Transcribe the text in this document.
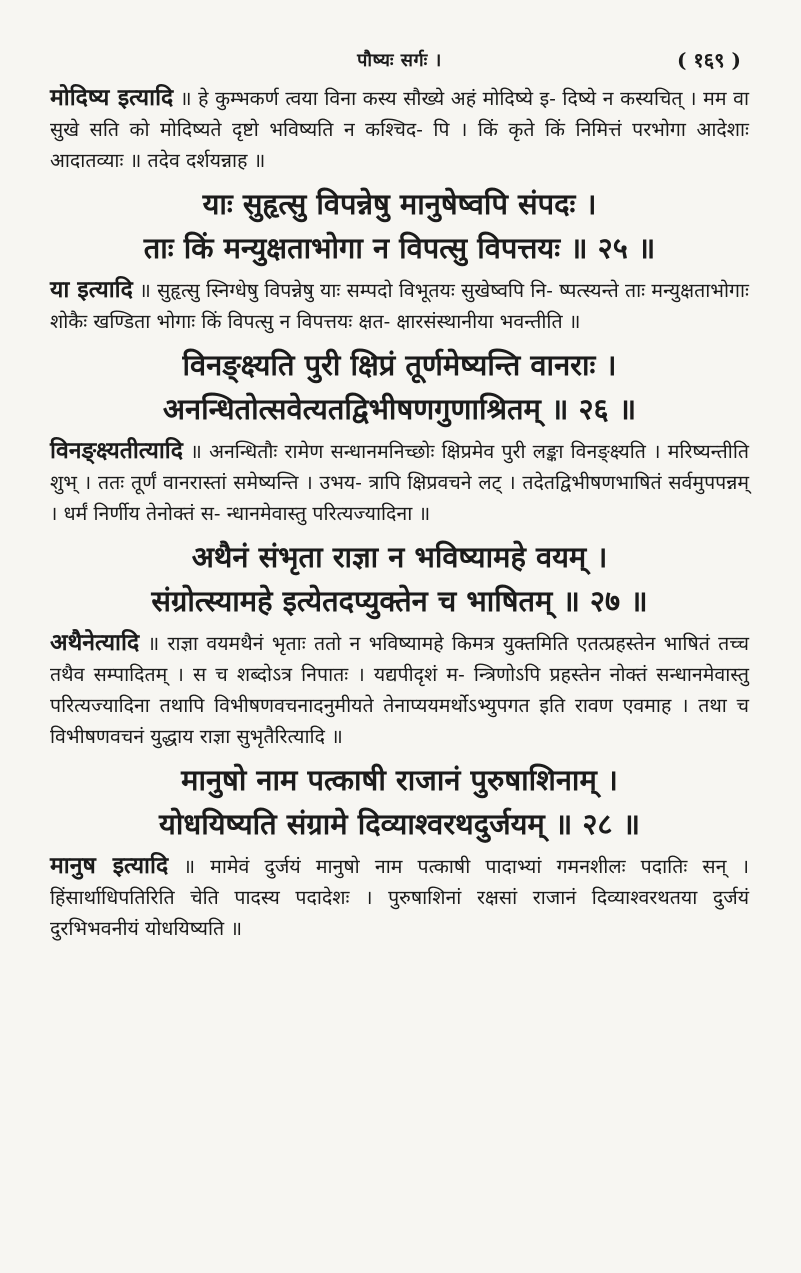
पौष्यः सर्गः ।	( १६९ )

मोदिष्य इत्यादि ॥ हे कुम्भकर्ण त्वया विना कस्य सौख्ये अहं मोदिष्ये इ- दिष्ये न कस्यचित् । मम वा सुखे सति को मोदिष्यते दृष्टो भविष्यति न कश्चिद- पि । किं कृते किं निमित्तं परभोगा आदेशाः आदातव्याः ॥ तदेव दर्शयन्नाह ॥

याः सुहृत्सु विपन्नेषु मानुषेष्वपि संपदः ।
ताः किं मन्युक्षताभोगा न विपत्सु विपत्तयः ॥ २५ ॥

या इत्यादि ॥ सुहृत्सु स्निग्धेषु विपन्नेषु याः सम्पदो विभूतयः सुखेष्वपि नि- ष्पत्स्यन्ते ताः मन्युक्षताभोगाः शोकैः खण्डिता भोगाः किं विपत्सु न विपत्तयः क्षत- क्षारसंस्थानीया भवन्तीति ॥

विनङ्क्ष्यति पुरी क्षिप्रं तूर्णमेष्यन्ति वानराः ।
अनन्धितोत्सवेत्यतद्विभीषणगुणाश्रितम् ॥ २६ ॥

विनङ्क्ष्यतीत्यादि ॥ अनन्धितौः रामेण सन्धानमनिच्छोः क्षिप्रमेव पुरी लङ्का विनङ्क्ष्यति । मरिष्यन्तीति शुभ् । ततः तूर्णं वानरास्तां समेष्यन्ति । उभय- त्रापि क्षिप्रवचने लट् । तदेतद्विभीषणभाषितं सर्वमुपपन्नम् । धर्मं निर्णीय तेनोक्तं स- न्धानमेवास्तु परित्यज्यादिना ॥

अथैनं संभृता राज्ञा न भविष्यामहे वयम् ।
संग्रोत्स्यामहे इत्येतदप्युक्तेन च भाषितम् ॥ २७ ॥

अथैनेत्यादि ॥ राज्ञा वयमथैनं भृताः ततो न भविष्यामहे किमत्र युक्तमिति एतत्प्रहस्तेन भाषितं तच्च तथैव सम्पादितम् । स च शब्दोऽत्र निपातः । यद्यपीदृशं म- न्त्रिणोऽपि प्रहस्तेन नोक्तं सन्धानमेवास्तु परित्यज्यादिना तथापि विभीषणवचनादनुमीयते तेनाप्ययमर्थोऽभ्युपगत इति रावण एवमाह । तथा च विभीषणवचनं युद्धाय राज्ञा सुभृतैरित्यादि ॥

मानुषो नाम पत्काषी राजानं पुरुषाशिनाम् ।
योधयिष्यति संग्रामे दिव्याश्वरथदुर्जयम् ॥ २८ ॥

मानुष इत्यादि ॥ मामेवं दुर्जयं मानुषो नाम पत्काषी पादाभ्यां गमनशीलः पदातिः सन् । हिंसार्थाधिपतिरिति चेति पादस्य पदादेशः । पुरुषाशिनां रक्षसां राजानं दिव्याश्वरथतया दुर्जयं दुरभिभवनीयं योधयिष्यति ॥
